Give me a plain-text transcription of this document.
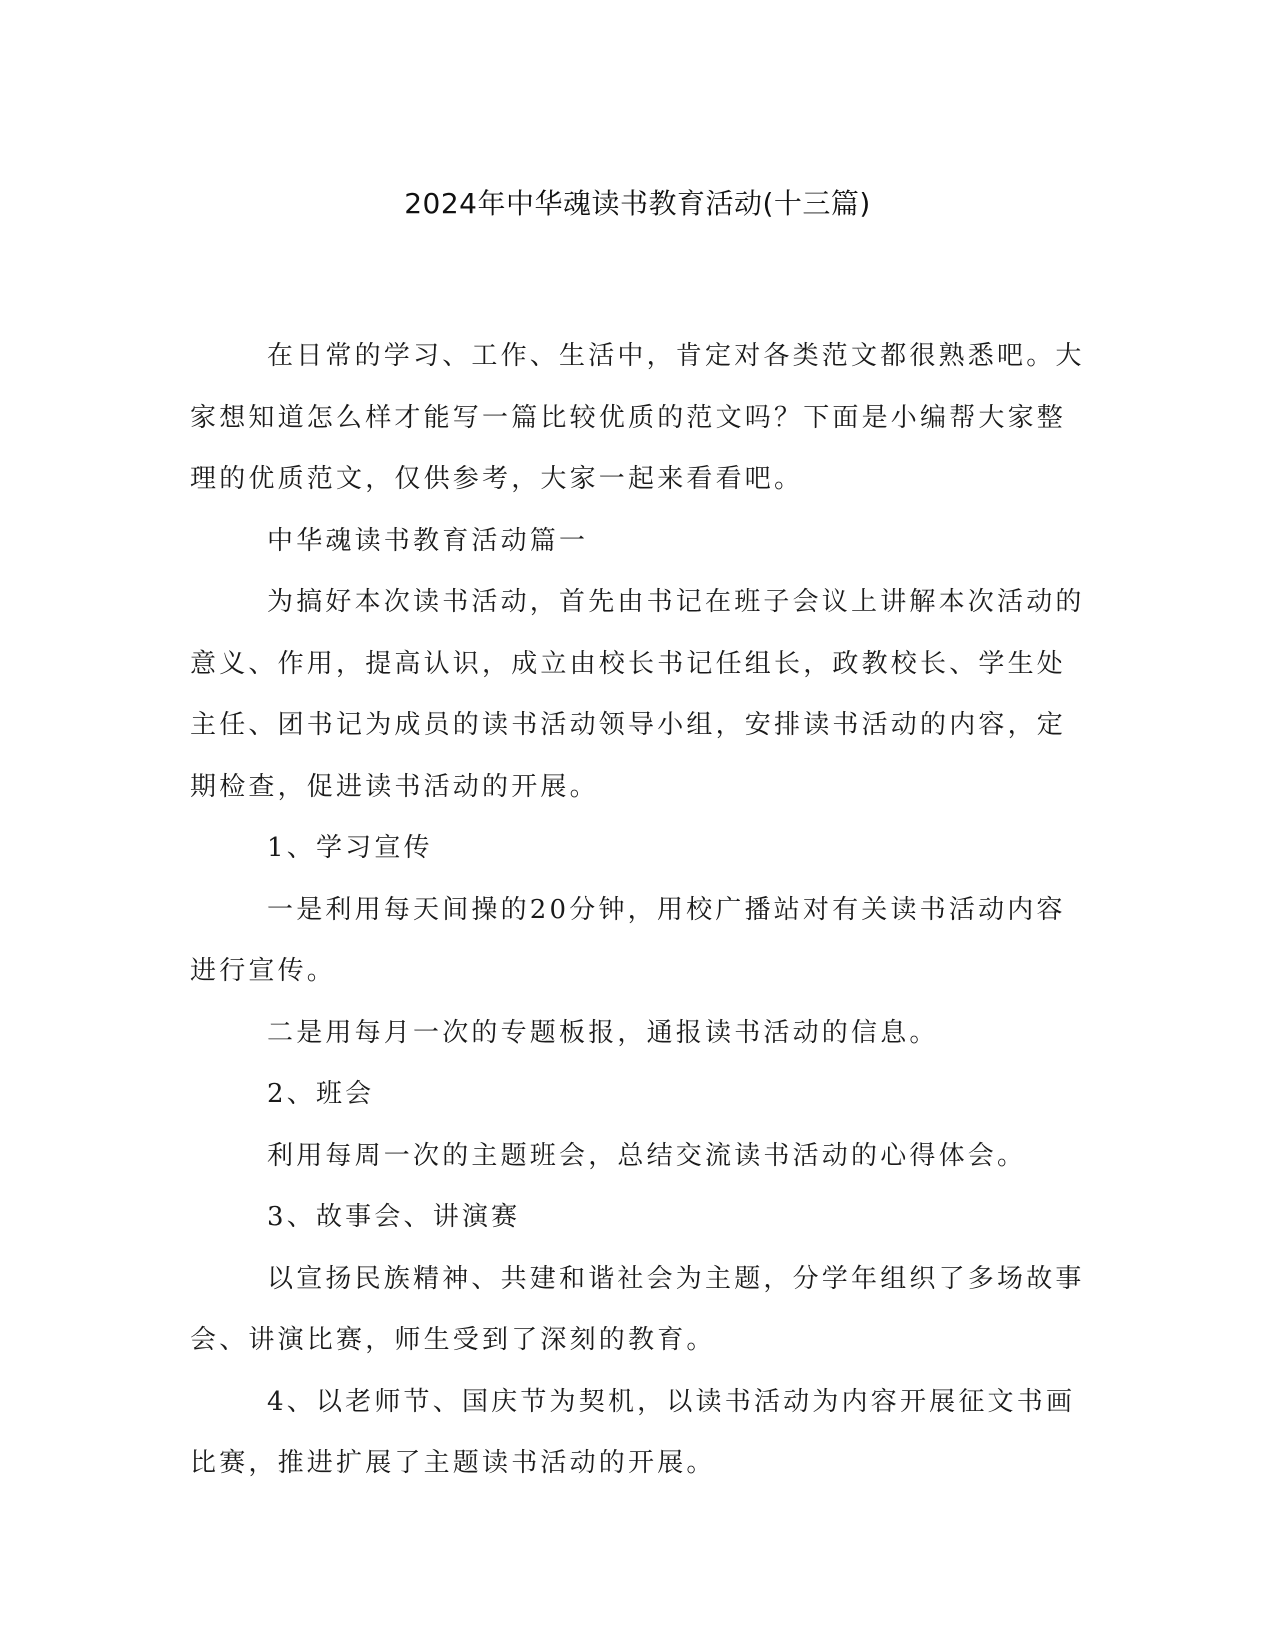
2024年中华魂读书教育活动(十三篇)

在日常的学习、工作、生活中，肯定对各类范文都很熟悉吧。大家想知道怎么样才能写一篇比较优质的范文吗？下面是小编帮大家整理的优质范文，仅供参考，大家一起来看看吧。

中华魂读书教育活动篇一

为搞好本次读书活动，首先由书记在班子会议上讲解本次活动的意义、作用，提高认识，成立由校长书记任组长，政教校长、学生处主任、团书记为成员的读书活动领导小组，安排读书活动的内容，定期检查，促进读书活动的开展。

1、学习宣传

一是利用每天间操的20分钟，用校广播站对有关读书活动内容进行宣传。

二是用每月一次的专题板报，通报读书活动的信息。

2、班会

利用每周一次的主题班会，总结交流读书活动的心得体会。

3、故事会、讲演赛

以宣扬民族精神、共建和谐社会为主题，分学年组织了多场故事会、讲演比赛，师生受到了深刻的教育。

4、以老师节、国庆节为契机，以读书活动为内容开展征文书画比赛，推进扩展了主题读书活动的开展。
